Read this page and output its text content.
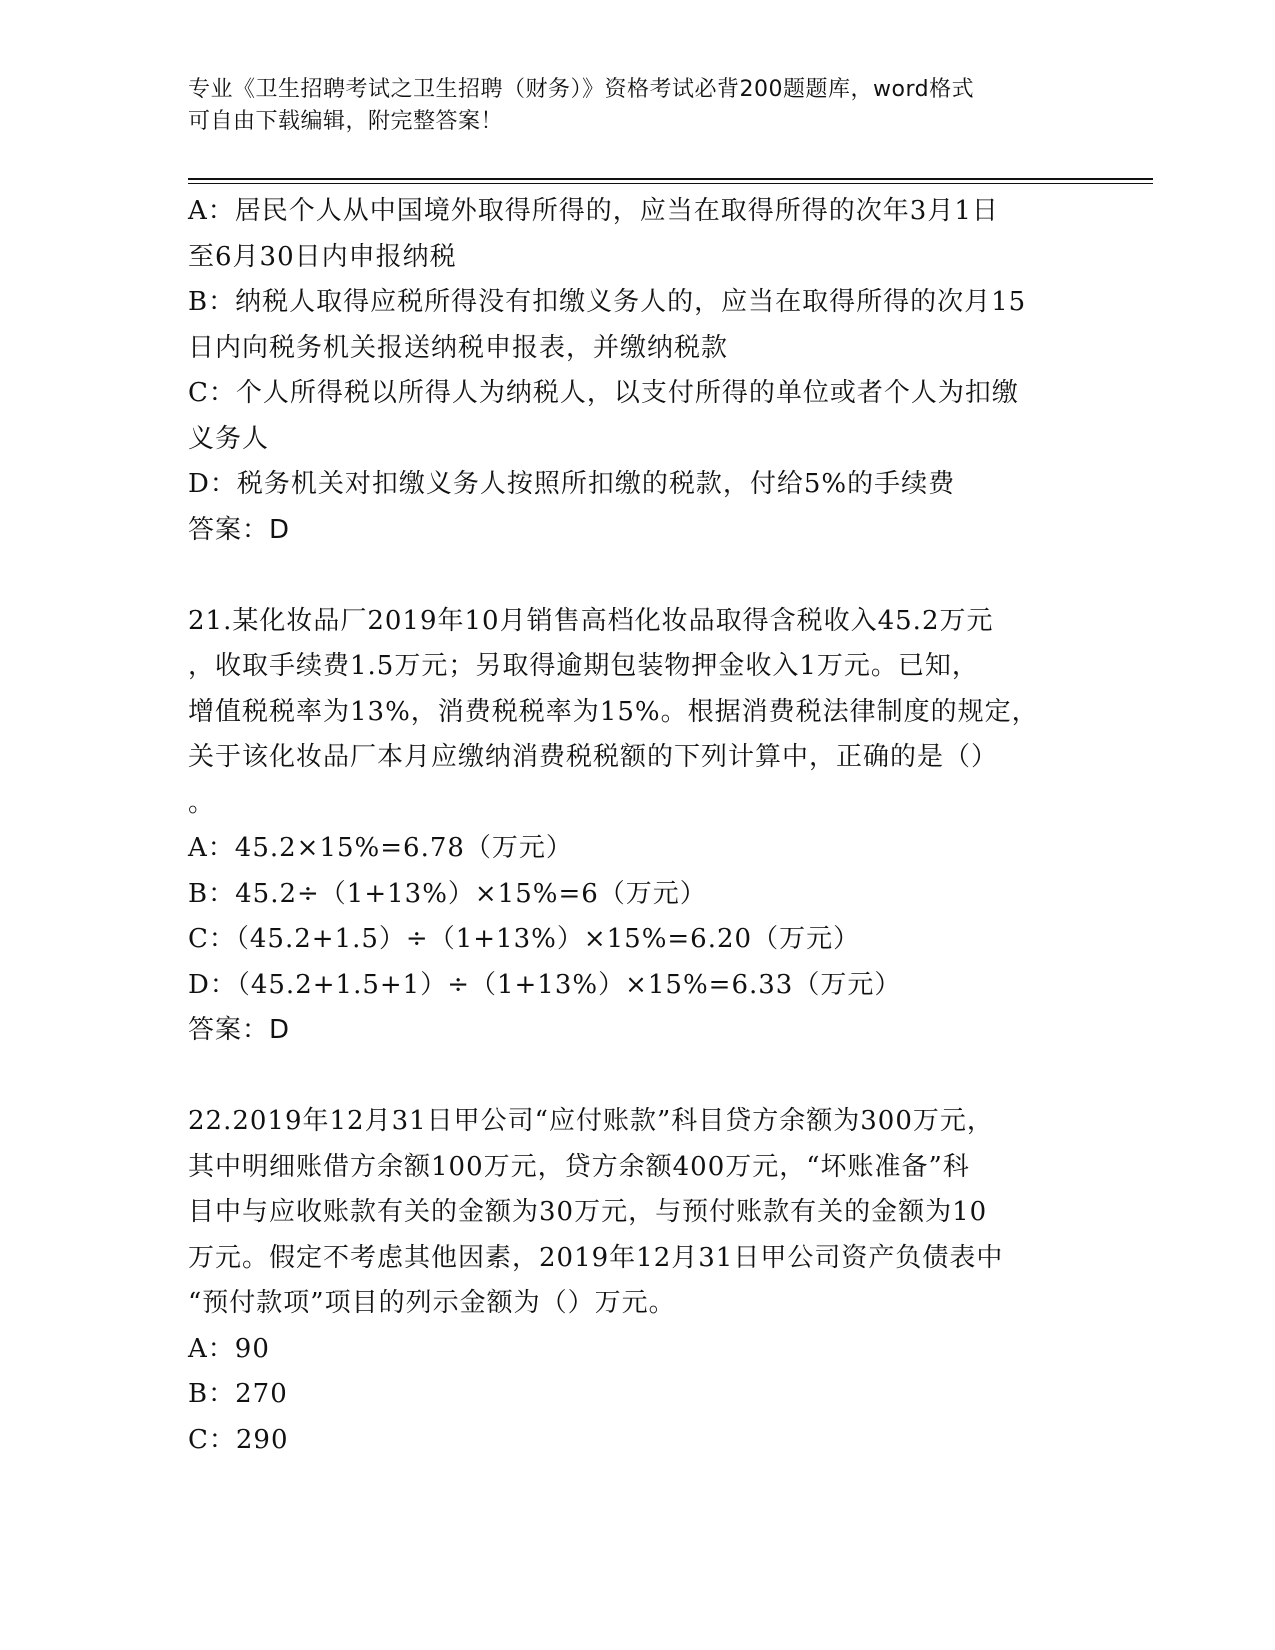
专业《卫生招聘考试之卫生招聘（财务）》资格考试必背200题题库，word格式
可自由下载编辑，附完整答案！
A：居民个人从中国境外取得所得的，应当在取得所得的次年3月1日
至6月30日内申报纳税
B：纳税人取得应税所得没有扣缴义务人的，应当在取得所得的次月15
日内向税务机关报送纳税申报表，并缴纳税款
C：个人所得税以所得人为纳税人，以支付所得的单位或者个人为扣缴
义务人
D：税务机关对扣缴义务人按照所扣缴的税款，付给5%的手续费
答案：D
21.某化妆品厂2019年10月销售高档化妆品取得含税收入45.2万元
，收取手续费1.5万元；另取得逾期包装物押金收入1万元。已知，
增值税税率为13%，消费税税率为15%。根据消费税法律制度的规定，
关于该化妆品厂本月应缴纳消费税税额的下列计算中，正确的是（）
。
A：45.2×15%=6.78（万元）
B：45.2÷（1+13%）×15%=6（万元）
C：（45.2+1.5）÷（1+13%）×15%=6.20（万元）
D：（45.2+1.5+1）÷（1+13%）×15%=6.33（万元）
答案：D
22.2019年12月31日甲公司“应付账款”科目贷方余额为300万元，
其中明细账借方余额100万元，贷方余额400万元，“坏账准备”科
目中与应收账款有关的金额为30万元，与预付账款有关的金额为10
万元。假定不考虑其他因素，2019年12月31日甲公司资产负债表中
“预付款项”项目的列示金额为（）万元。
A：90
B：270
C：290
